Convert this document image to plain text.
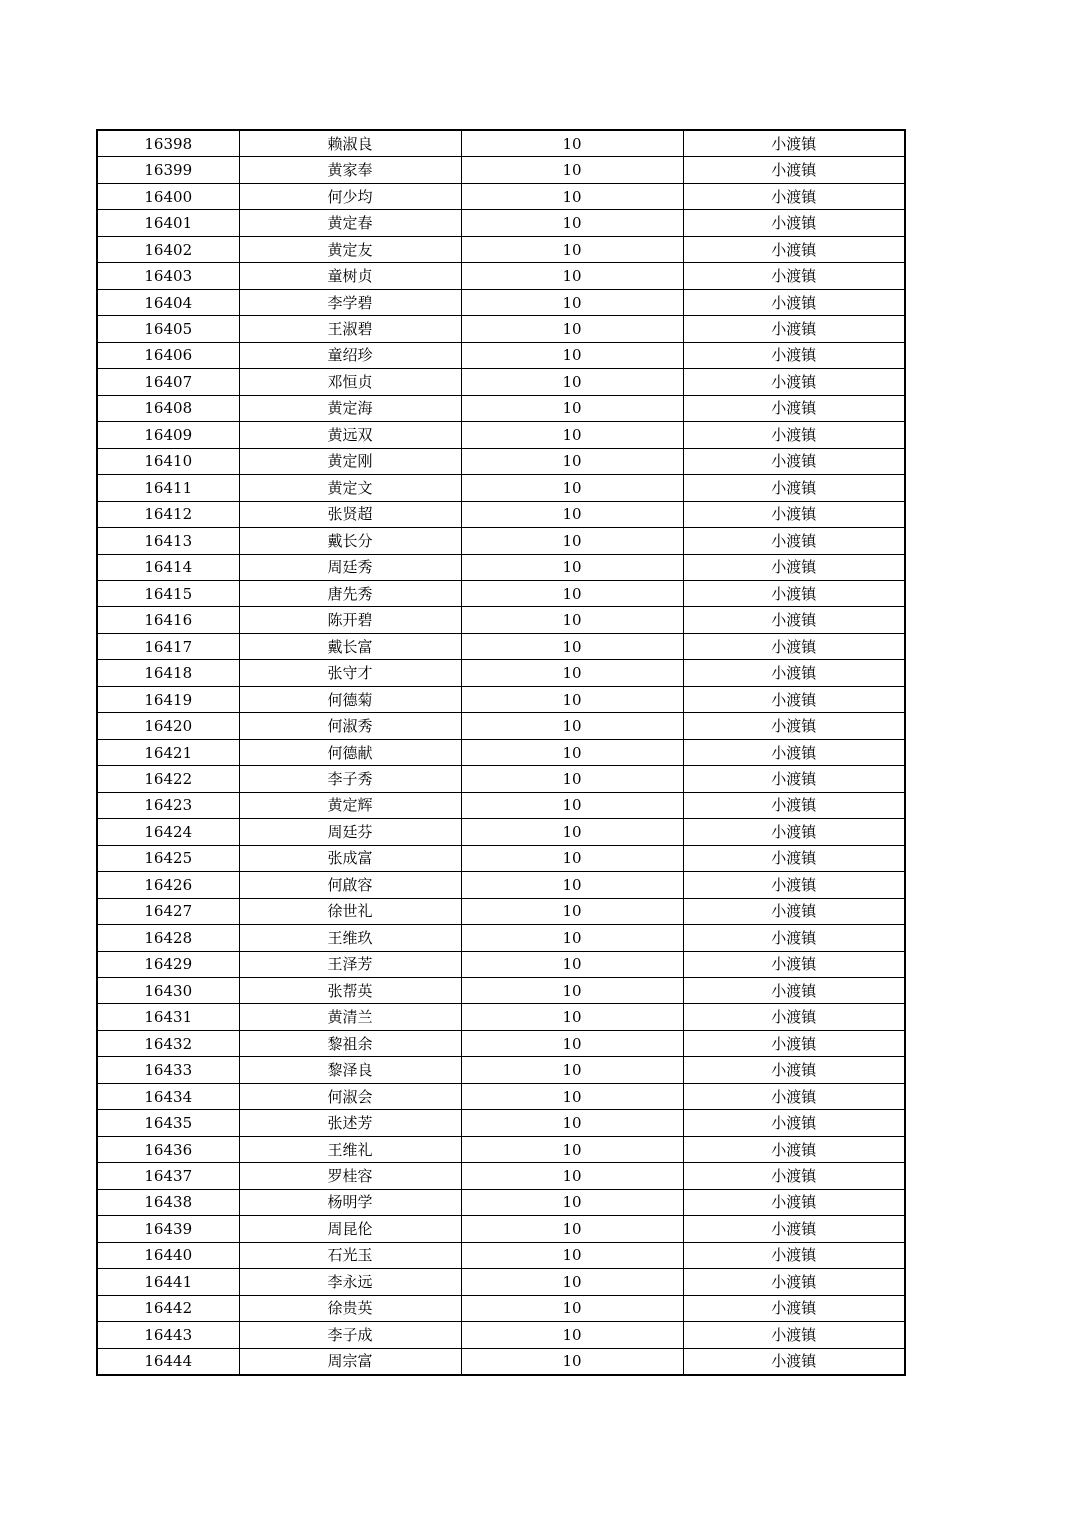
16398	赖淑良	10	小渡镇
16399	黄家奉	10	小渡镇
16400	何少均	10	小渡镇
16401	黄定春	10	小渡镇
16402	黄定友	10	小渡镇
16403	童树贞	10	小渡镇
16404	李学碧	10	小渡镇
16405	王淑碧	10	小渡镇
16406	童绍珍	10	小渡镇
16407	邓恒贞	10	小渡镇
16408	黄定海	10	小渡镇
16409	黄远双	10	小渡镇
16410	黄定刚	10	小渡镇
16411	黄定文	10	小渡镇
16412	张贤超	10	小渡镇
16413	戴长分	10	小渡镇
16414	周廷秀	10	小渡镇
16415	唐先秀	10	小渡镇
16416	陈开碧	10	小渡镇
16417	戴长富	10	小渡镇
16418	张守才	10	小渡镇
16419	何德菊	10	小渡镇
16420	何淑秀	10	小渡镇
16421	何德献	10	小渡镇
16422	李子秀	10	小渡镇
16423	黄定辉	10	小渡镇
16424	周廷芬	10	小渡镇
16425	张成富	10	小渡镇
16426	何啟容	10	小渡镇
16427	徐世礼	10	小渡镇
16428	王维玖	10	小渡镇
16429	王泽芳	10	小渡镇
16430	张帮英	10	小渡镇
16431	黄清兰	10	小渡镇
16432	黎祖余	10	小渡镇
16433	黎泽良	10	小渡镇
16434	何淑会	10	小渡镇
16435	张述芳	10	小渡镇
16436	王维礼	10	小渡镇
16437	罗桂容	10	小渡镇
16438	杨明学	10	小渡镇
16439	周昆伦	10	小渡镇
16440	石光玉	10	小渡镇
16441	李永远	10	小渡镇
16442	徐贵英	10	小渡镇
16443	李子成	10	小渡镇
16444	周宗富	10	小渡镇
